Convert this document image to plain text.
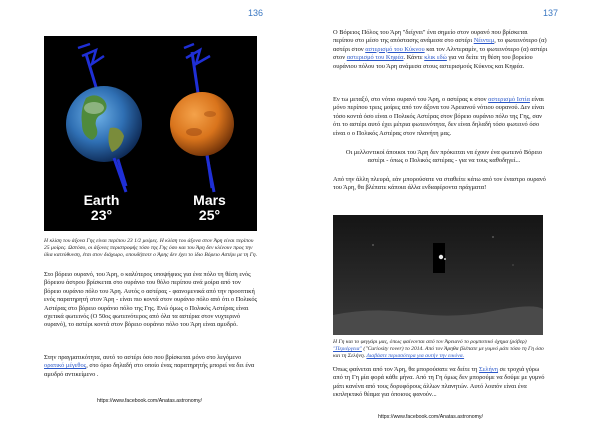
136
Earth
23°
Mars
25°
Η κλίση του άξονα Γης είναι περίπου 23 1/2 μοίρες. Η κλίση του άξονα στον Άρη είναι περίπου 25 μοίρες. Ωστόσο, οι άξονες περιστροφής τόσο της Γης όσο και του Άρη δεν κλίνουν προς την ίδια κατεύθυνση, έτσι στον διάχωρο, οπουδήποτε ο Άρης δεν έχει το ίδιο Βόρειο Αστέρι με τη Γη.
Στο βόρειο ουρανό, του Άρη, ο καλύτερος υποψήφιος για ένα πόλο τη θέση ενός βόρειου άστρου βρίσκεται στο ουράνιο του θόλο περίπου ανά μοίρα από τον βόρειο ουράνιο πόλο του Άρη. Αυτός ο αστέρας - φαινομενικά από την προοπτική ενός παρατηρητή στον Άρη - είναι πιο κοντά στον ουράνιο πόλο από ότι ο Πολικός Αστέρας στο βόρειο ουράνιο πόλο της Γης. Ενώ όμως ο Πολικός Αστέρας είναι σχετικά φωτεινός (Ο 50ος φωτεινότερος από όλα τα αστέρια στον νυχτερινό ουρανό), το αστέρι κοντά στον βόρειο ουράνιο πόλο του Άρη είναι αμυδρό.
Στην πραγματικότητα, αυτό το αστέρι όσο που βρίσκεται μόνο στο λεγόμενο ορατικό μέγεθος, στο όριο δηλαδή στο οποίο ένας παρατηρητής μπορεί να δει ένα αμυδρό αντικείμενο .
https://www.facebook.com/Anatas.astronomy/
137
Ο Βόρειος Πόλος του Άρη "δείχνει" ένα σημείο στον ουρανό που βρίσκεται περίπου στο μέσο της απόστασης ανάμεσα στο αστέρι Νέιντεμ, το φωτεινότερο (α) αστέρι στον αστερισμό του Κύκνου και τον Αλντεραμίν, το φωτεινότερο (α) αστέρι στον αστερισμό του Κηφέα. Κάντε κλικ εδώ για να δείτε τη θέση του βορείου ουράνιου πόλου του Άρη ανάμεσα στους αστερισμούς Κύκνος και Κηφέα.
Εν τω μεταξύ, στο νότιο ουρανό του Άρη, ο αστέρας κ στον αστερισμό Ιστία είναι μόνο περίπου τρεις μοίρες από τον άξονα του Άρειανού νότιου ουρανού. Δεν είναι τόσο κοντά όσο είναι ο Πολικός Αστέρας στον βόρειο ουράνιο πόλο της Γης, σαν ότι το αστέρι αυτό έχει μέτρια φωτεινότητα, δεν είναι δηλαδή τόσο φωτεινό όσο είναι ο ο Πολικός Αστέρας στον πλανήτη μας.
Οι μελλοντικοί άποικοι του Άρη δεν πρόκειται να έχουν ένα φωτεινό Βόρειο αστέρι - όπως ο Πολικός αστέρας - για να τους καθοδηγεί...
Από την άλλη πλευρά, εάν μπορούσατε να σταθείτε κάτω από τον έναστρο ουρανό του Άρη, θα βλέπατε κάποια άλλα ενδιαφέροντα πράγματα!
Η Γη και το φεγγάρι μας, όπως φαίνονται από τον Άρειανό το ρομποτικό όχημα (ρόβερ) "Περιέργεια" ("Curiosity rover) το 2014. Από τον Άρηθα βλέπατε με γυμνό μάτι τόσο τη Γη όσο και τη Σελήνη. Διαβάστε περισσότερα για αυτήν την εικόνα.
Όπως φαίνεται από τον Άρη, θα μπορούσατε να δείτε τη Σελήνη σε τροχιά γύρω από τη Γη μία φορά κάθε μήνα. Από τη Γη όμως δεν μπορούμε να δούμε με γυμνό μάτι κανένα από τους δορυφόρους άλλων πλανητών. Αυτό λοιπόν είναι ένα εκπληκτικό θέαμα για όποιους φανούν...
https://www.facebook.com/Anatas.astronomy/
